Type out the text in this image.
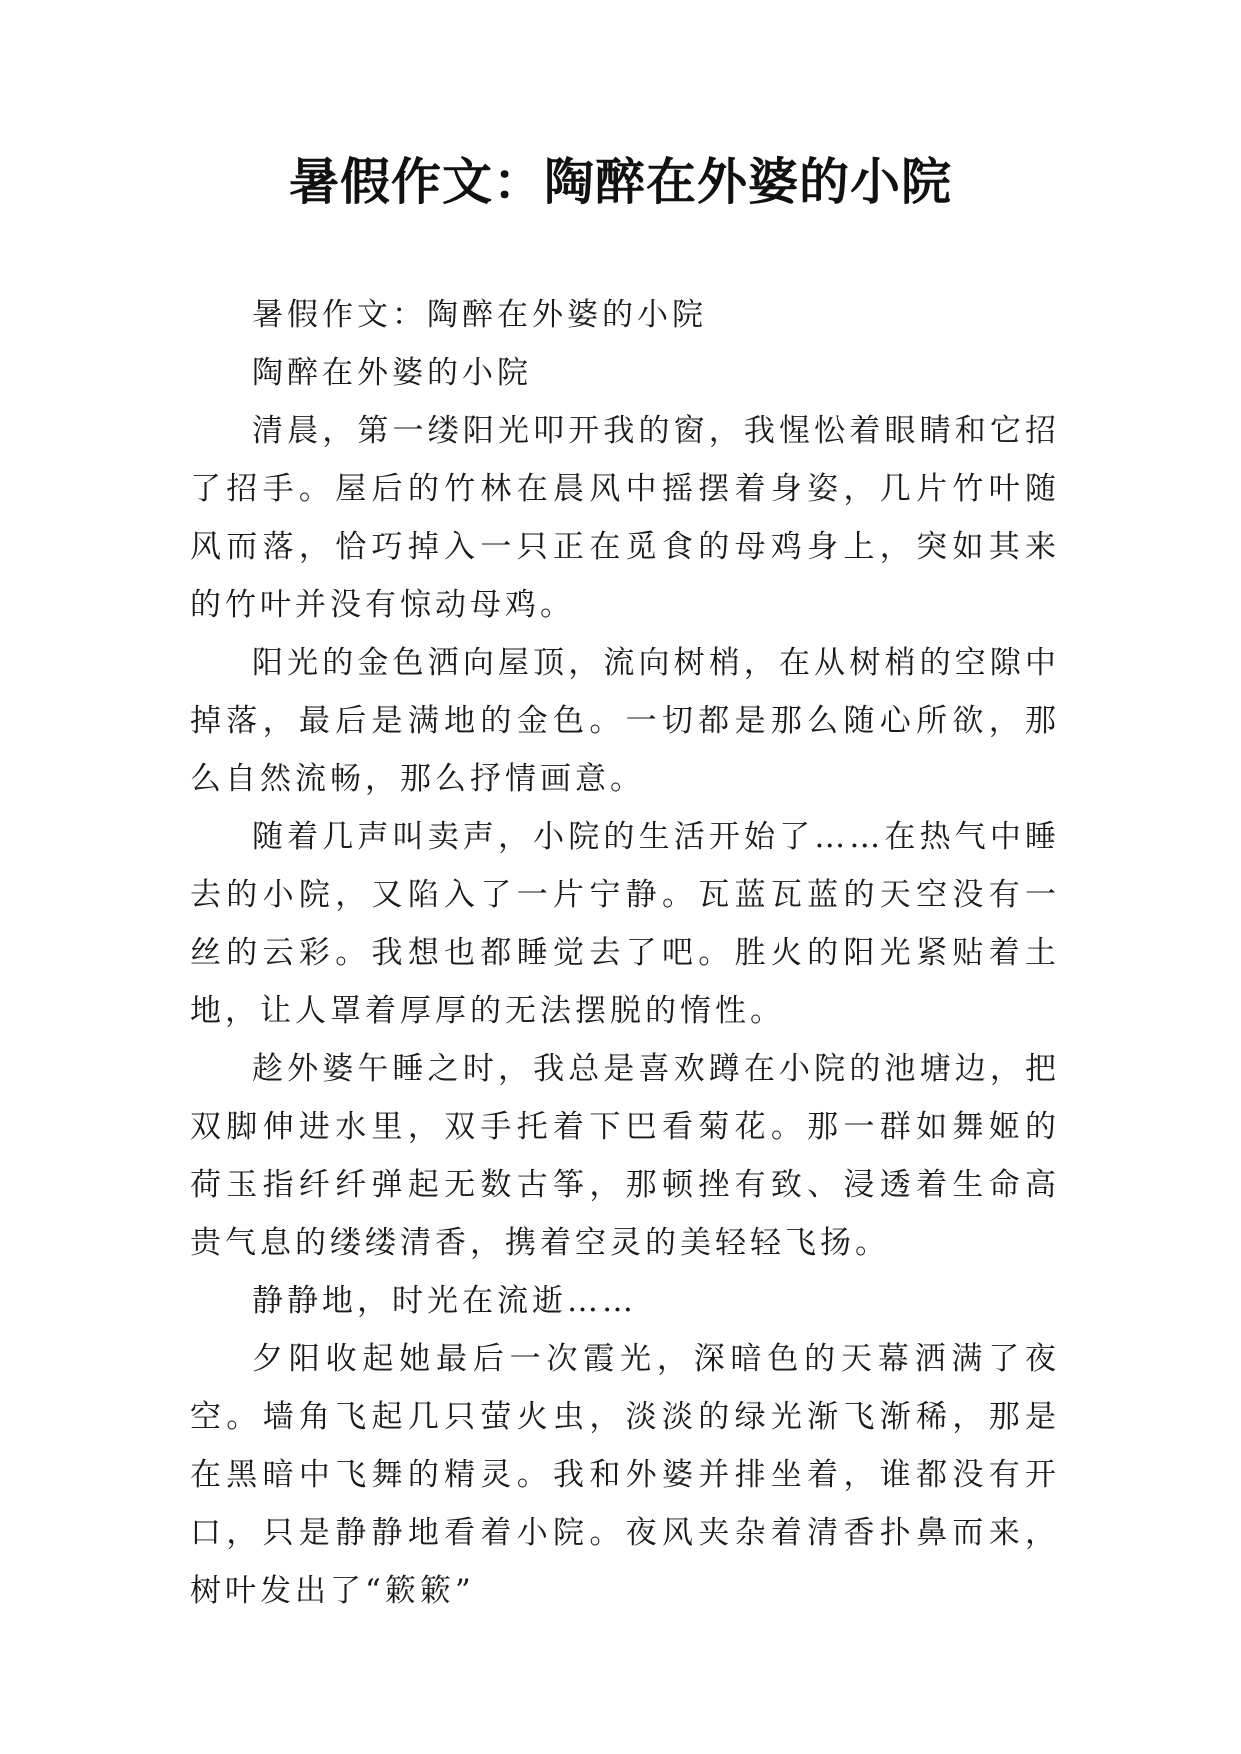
暑假作文：陶醉在外婆的小院

暑假作文：陶醉在外婆的小院

陶醉在外婆的小院

清晨，第一缕阳光叩开我的窗，我惺忪着眼睛和它招了招手。屋后的竹林在晨风中摇摆着身姿，几片竹叶随风而落，恰巧掉入一只正在觅食的母鸡身上，突如其来的竹叶并没有惊动母鸡。

阳光的金色洒向屋顶，流向树梢，在从树梢的空隙中掉落，最后是满地的金色。一切都是那么随心所欲，那么自然流畅，那么抒情画意。

随着几声叫卖声，小院的生活开始了……在热气中睡去的小院，又陷入了一片宁静。瓦蓝瓦蓝的天空没有一丝的云彩。我想也都睡觉去了吧。胜火的阳光紧贴着土地，让人罩着厚厚的无法摆脱的惰性。

趁外婆午睡之时，我总是喜欢蹲在小院的池塘边，把双脚伸进水里，双手托着下巴看菊花。那一群如舞姬的荷玉指纤纤弹起无数古筝，那顿挫有致、浸透着生命高贵气息的缕缕清香，携着空灵的美轻轻飞扬。

静静地，时光在流逝……

夕阳收起她最后一次霞光，深暗色的天幕洒满了夜空。墙角飞起几只萤火虫，淡淡的绿光渐飞渐稀，那是在黑暗中飞舞的精灵。我和外婆并排坐着，谁都没有开口，只是静静地看着小院。夜风夹杂着清香扑鼻而来，树叶发出了“簌簌”
